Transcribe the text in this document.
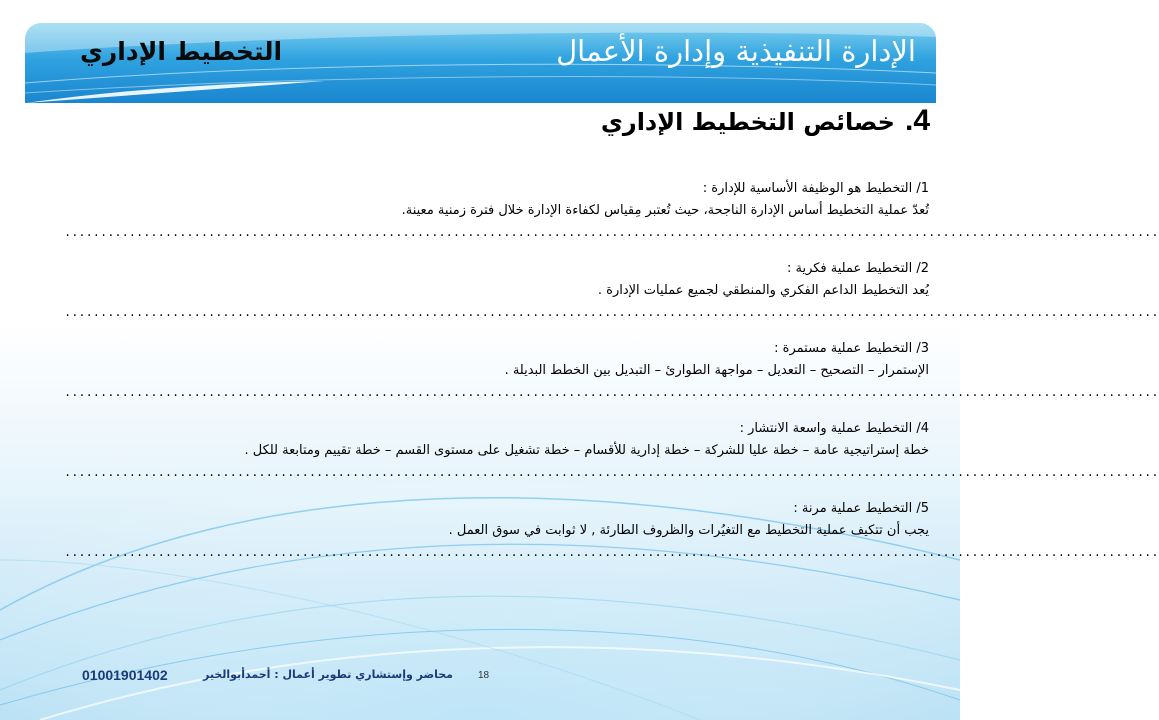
الإدارة التنفيذية وإدارة الأعمال
التخطيط الإداري
4.خصائص التخطيط الإداري
1/ التخطيط هو الوظيفة الأساسية للإدارة :
تُعدّ عملية التخطيط أساس الإدارة الناجحة، حيث تُعتبر مِقياس لكفاءة الإدارة خلال فترة زمنية معينة.
........................................................................................................................................................
2/ التخطيط عملية فكرية :
يُعد التخطيط الداعم الفكري والمنطقي لجميع عمليات الإدارة .
........................................................................................................................................................
3/ التخطيط عملية مستمرة :
الإستمرار – التصحيح – التعديل – مواجهة الطوارئ – التبديل بين الخطط البديلة .
........................................................................................................................................................
4/ التخطيط عملية واسعة الانتشار :
خطة إستراتيجية عامة – خطة عليا للشركة – خطة إدارية للأقسام – خطة تشغيل على مستوى القسم – خطة تقييم ومتابعة للكل .
........................................................................................................................................................
5/ التخطيط عملية مرنة :
يجب أن تتكيف عملية التخطيط مع التغيُرات والظروف الطارئة , لا ثوابت في سوق العمل .
........................................................................................................................................................
18
محاضر وإستشاري تطوير أعمال : أحمدأبوالخير
01001901402
